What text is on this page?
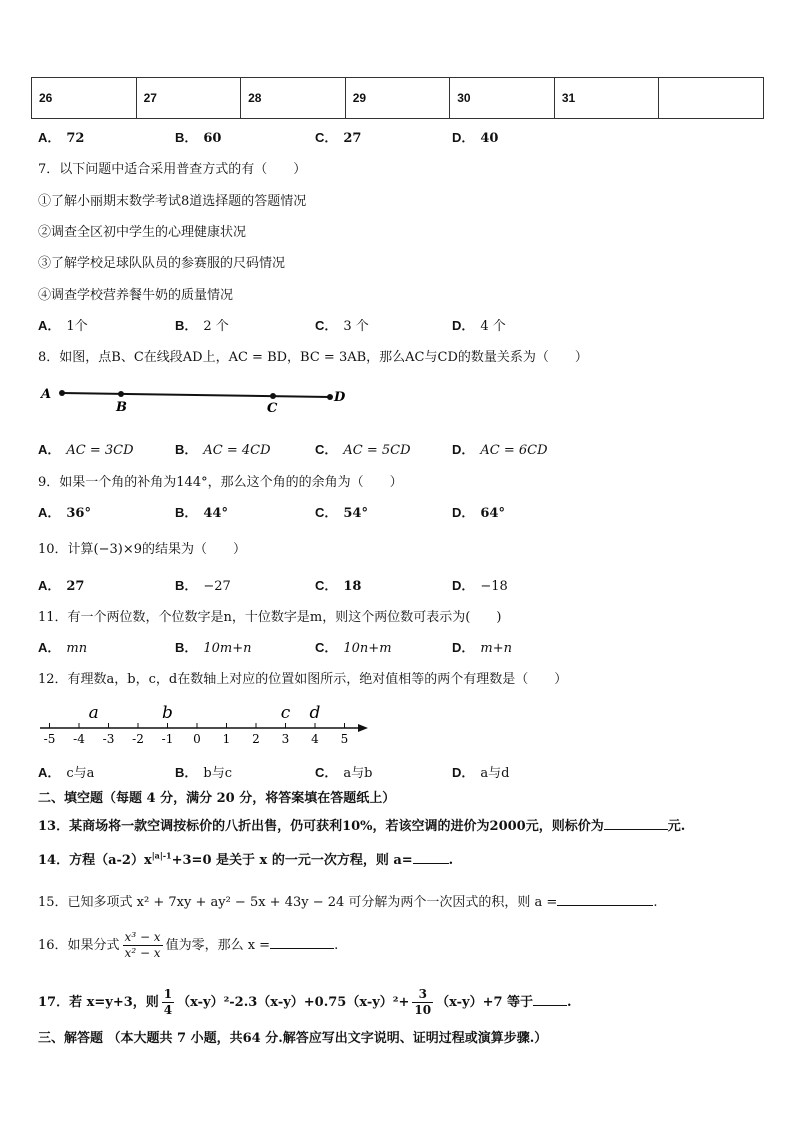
26	27	28	29	30	31	
A． 72	B． 60	C． 27	D． 40
7．以下问题中适合采用普查方式的有（　　）
①了解小丽期末数学考试8道选择题的答题情况
②调查全区初中学生的心理健康状况
③了解学校足球队队员的参赛服的尺码情况
④调查学校营养餐牛奶的质量情况
A． 1个	B． 2 个	C． 3 个	D． 4 个
8．如图，点B、C在线段AD上，AC = BD，BC = 3AB，那么AC与CD的数量关系为（　　）
A
B	C
D
A． AC = 3CD	B． AC = 4CD	C． AC = 5CD	D． AC = 6CD
9．如果一个角的补角为144°，那么这个角的的余角为（　　）
A． 36°	B． 44°	C． 54°	D． 64°
10．计算(−3)×9的结果为（　　）
A． 27	B． −27	C． 18	D． −18
11．有一个两位数，个位数字是n，十位数字是m，则这个两位数可表示为(　　)
A． mn	B． 10m+n	C． 10n+m	D． m+n
12．有理数a，b，c，d在数轴上对应的位置如图所示，绝对值相等的两个有理数是（　　）
-5 -4 -3 -2 -1 0 1 2 3 4 5
a	b	c d
A． c与a	B． b与c	C． a与b	D． a与d
二、填空题（每题 4 分，满分 20 分，将答案填在答题纸上）
13．某商场将一款空调按标价的八折出售，仍可获利10%，若该空调的进价为2000元，则标价为	元.
14．方程$(a-2)x^{|a|-1}+3=0$ 是关于 x 的一元一次方程，则 a=	.
15．已知多项式 x² + 7xy + ay² − 5x + 43y − 24 可分解为两个一次因式的积，则 a =	.
16．如果分式 $\frac{\text{x³ − x}}{\text{x² − x}}$ 值为零，那么 x =	.
17．若 x=y+3，则 $\frac{1}{4} (x-y)^2-2.3(x-y)+0.75(x-y)^2+ \frac{3}{10} (x-y)+7$ 等于	.
三、解答题 （本大题共 7 小题，共64 分.解答应写出文字说明、证明过程或演算步骤.）
